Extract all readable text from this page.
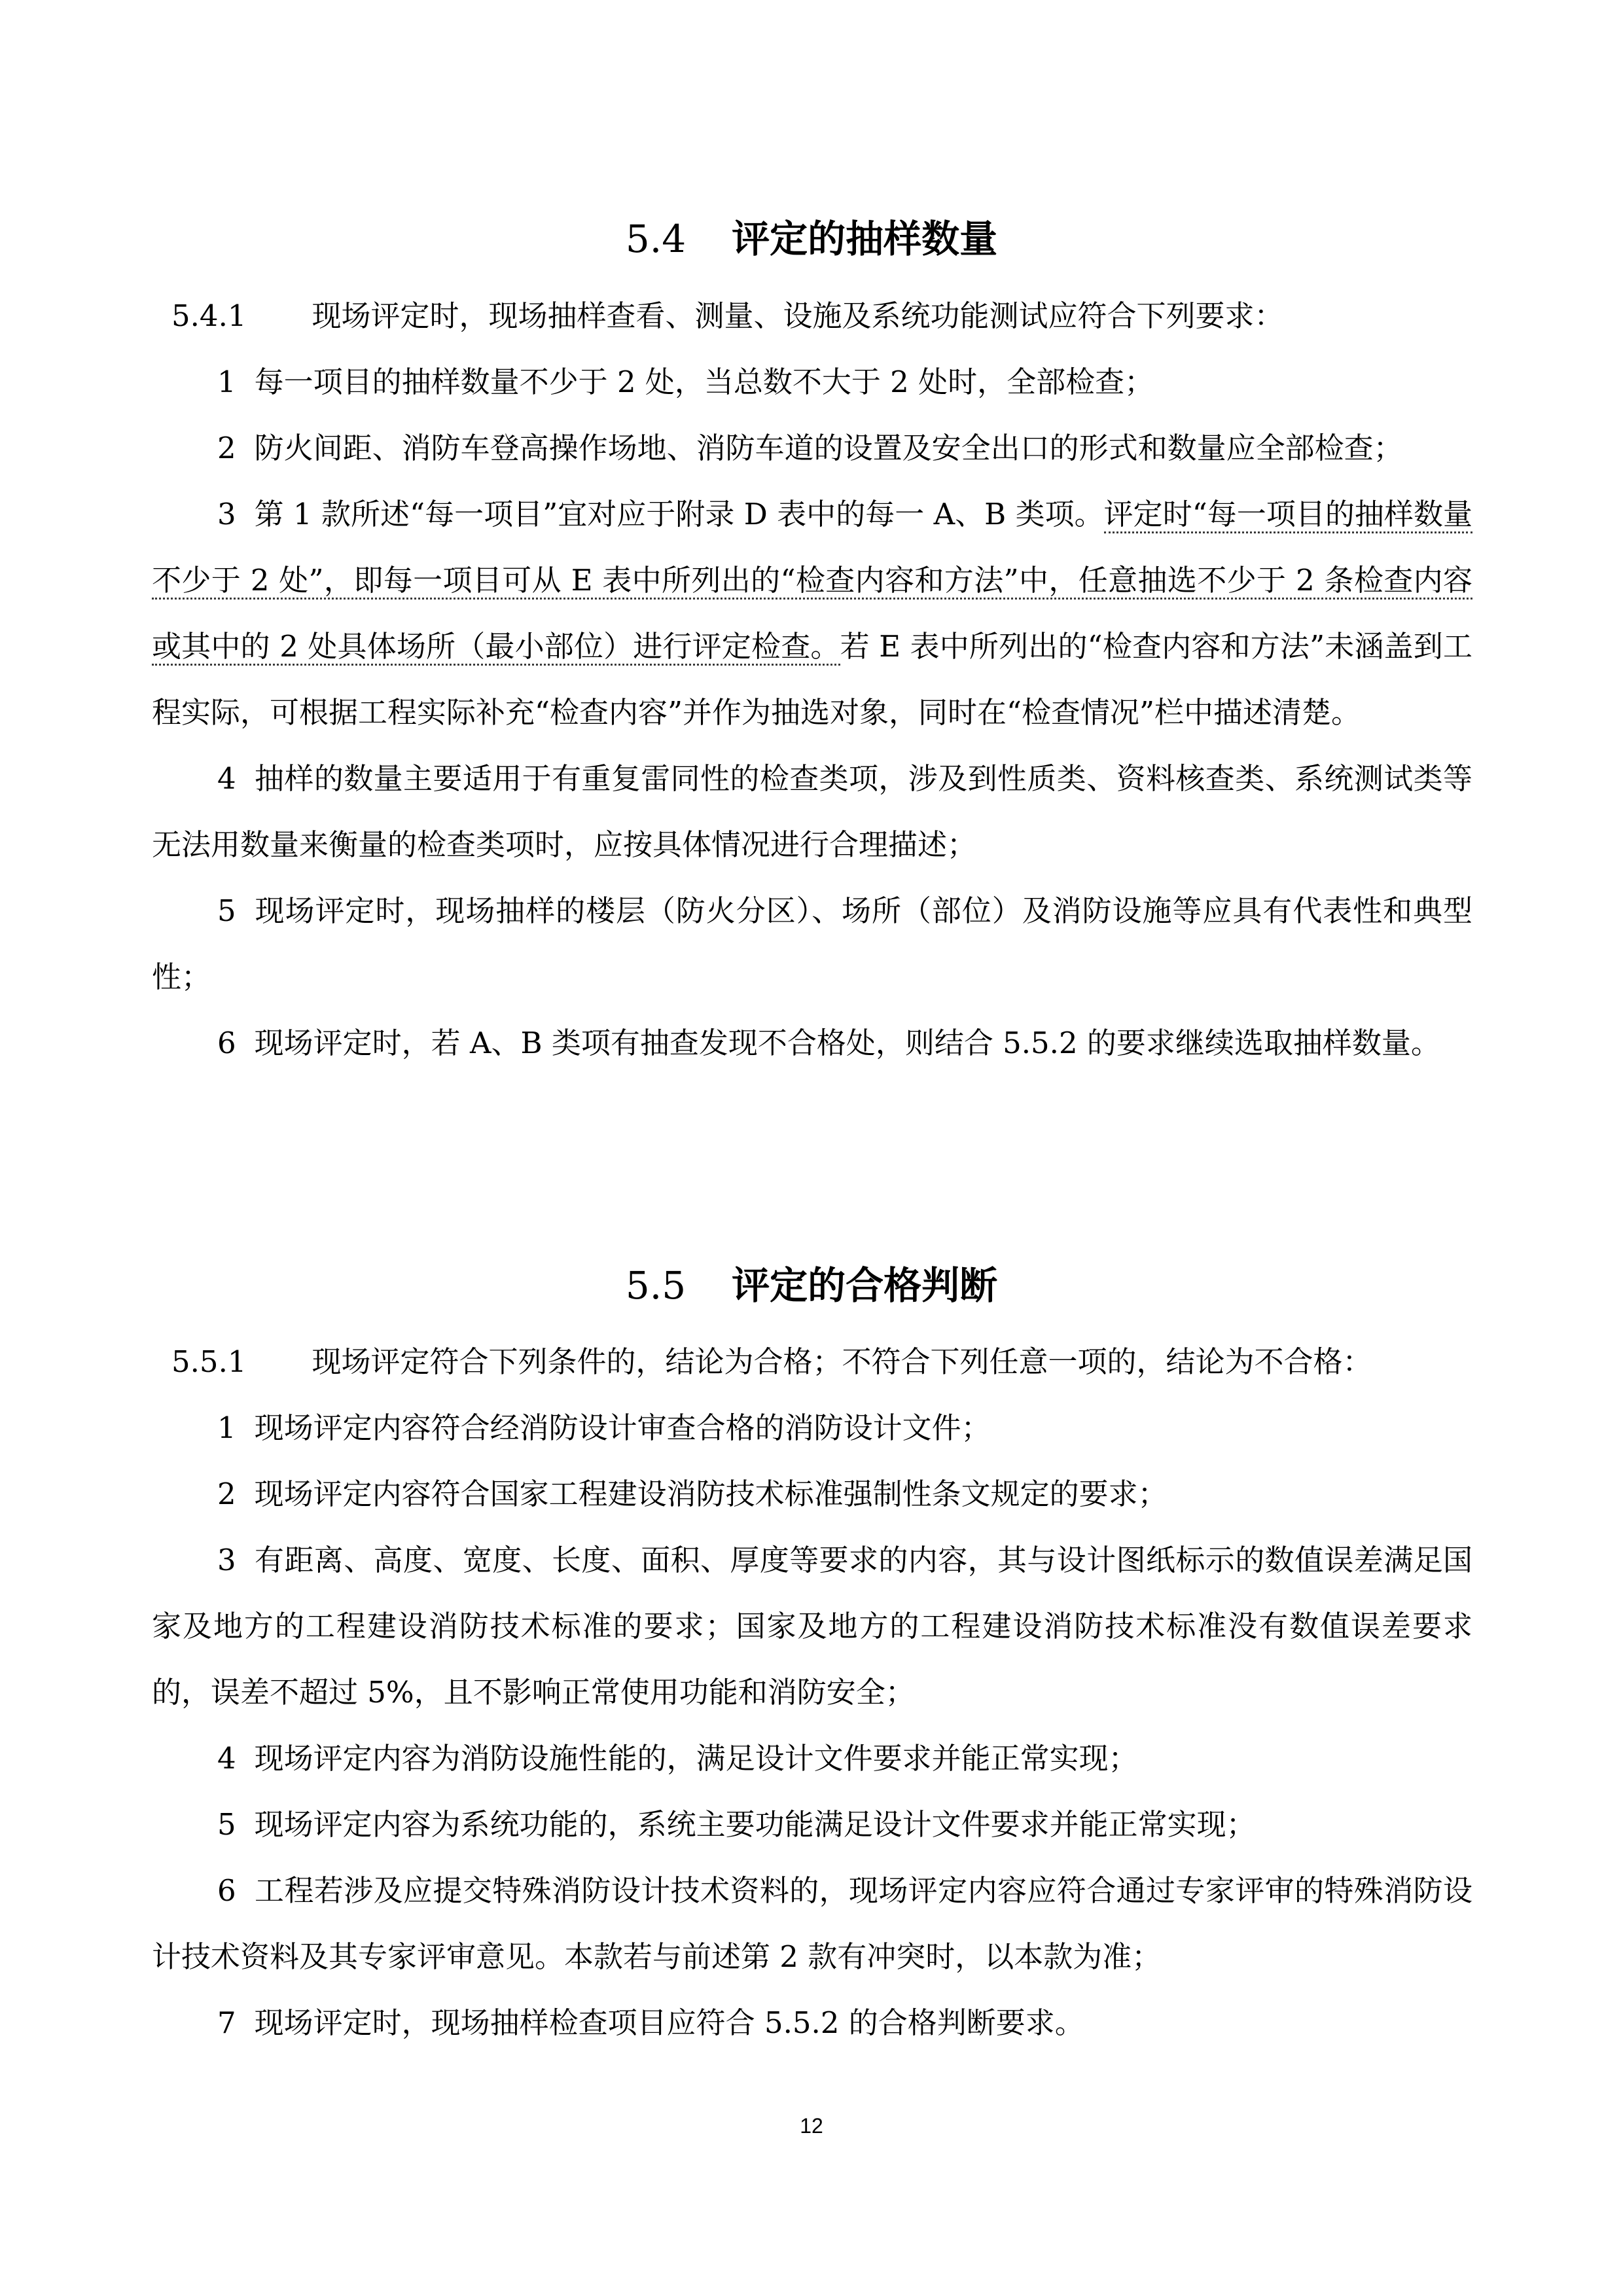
5.4 评定的抽样数量

5.4.1 现场评定时，现场抽样查看、测量、设施及系统功能测试应符合下列要求：

1 每一项目的抽样数量不少于 2 处，当总数不大于 2 处时，全部检查；

2 防火间距、消防车登高操作场地、消防车道的设置及安全出口的形式和数量应全部检查；

3 第 1 款所述“每一项目”宜对应于附录 D 表中的每一 A、B 类项。评定时“每一项目的抽样数量不少于 2 处”，即每一项目可从 E 表中所列出的“检查内容和方法”中，任意抽选不少于 2 条检查内容或其中的 2 处具体场所（最小部位）进行评定检查。若 E 表中所列出的“检查内容和方法”未涵盖到工程实际，可根据工程实际补充“检查内容”并作为抽选对象，同时在“检查情况”栏中描述清楚。

4 抽样的数量主要适用于有重复雷同性的检查类项，涉及到性质类、资料核查类、系统测试类等无法用数量来衡量的检查类项时，应按具体情况进行合理描述；

5 现场评定时，现场抽样的楼层（防火分区）、场所（部位）及消防设施等应具有代表性和典型性；

6 现场评定时，若 A、B 类项有抽查发现不合格处，则结合 5.5.2 的要求继续选取抽样数量。

5.5 评定的合格判断

5.5.1 现场评定符合下列条件的，结论为合格；不符合下列任意一项的，结论为不合格：

1 现场评定内容符合经消防设计审查合格的消防设计文件；

2 现场评定内容符合国家工程建设消防技术标准强制性条文规定的要求；

3 有距离、高度、宽度、长度、面积、厚度等要求的内容，其与设计图纸标示的数值误差满足国家及地方的工程建设消防技术标准的要求；国家及地方的工程建设消防技术标准没有数值误差要求的，误差不超过 5%，且不影响正常使用功能和消防安全；

4 现场评定内容为消防设施性能的，满足设计文件要求并能正常实现；

5 现场评定内容为系统功能的，系统主要功能满足设计文件要求并能正常实现；

6 工程若涉及应提交特殊消防设计技术资料的，现场评定内容应符合通过专家评审的特殊消防设计技术资料及其专家评审意见。本款若与前述第 2 款有冲突时，以本款为准；

7 现场评定时，现场抽样检查项目应符合 5.5.2 的合格判断要求。

12
